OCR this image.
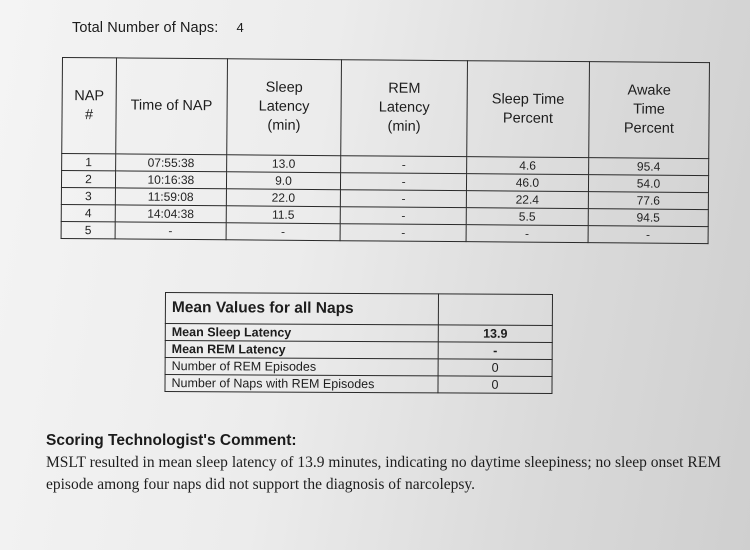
Total Number of Naps: 4
NAP
#

Time of NAP

Sleep
Latency
(min)

REM
Latency
(min)

Sleep Time
Percent

Awake
Time
Percent

1	07:55:38	13.0	-	4.6	95.4
2	10:16:38	9.0	-	46.0	54.0
3	11:59:08	22.0	-	22.4	77.6
4	14:04:38	11.5	-	5.5	94.5
5	-	-	-	-	-
Mean Values for all Naps	
Mean Sleep Latency	13.9
Mean REM Latency	-
Number of REM Episodes	0
Number of Naps with REM Episodes	0
Scoring Technologist's Comment:
MSLT resulted in mean sleep latency of 13.9 minutes, indicating no daytime sleepiness; no sleep onset REM episode among four naps did not support the diagnosis of narcolepsy.
